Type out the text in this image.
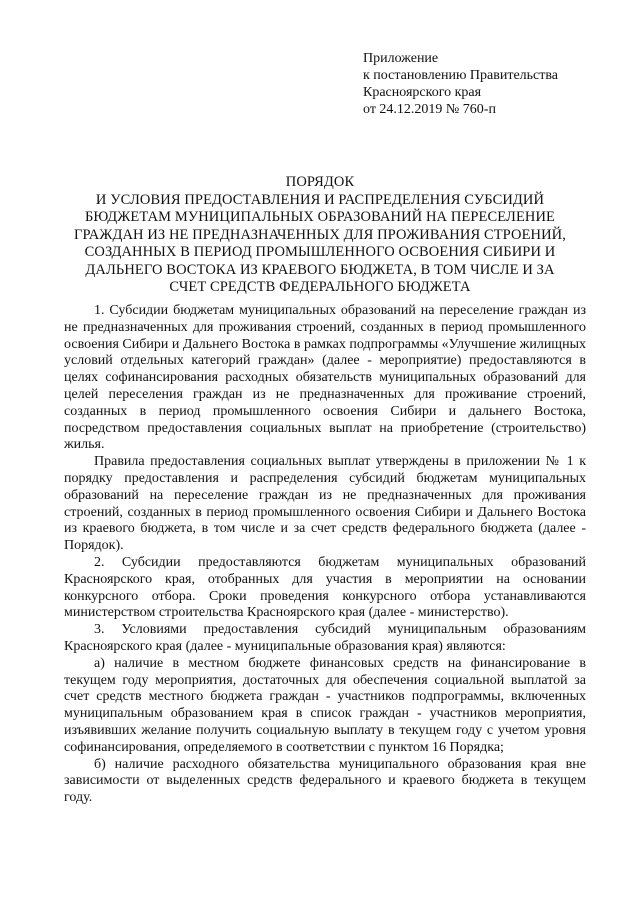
Приложение
к постановлению Правительства
Красноярского края
от 24.12.2019 № 760-п
ПОРЯДОК
И УСЛОВИЯ ПРЕДОСТАВЛЕНИЯ И РАСПРЕДЕЛЕНИЯ СУБСИДИЙ
БЮДЖЕТАМ МУНИЦИПАЛЬНЫХ ОБРАЗОВАНИЙ НА ПЕРЕСЕЛЕНИЕ
ГРАЖДАН ИЗ НЕ ПРЕДНАЗНАЧЕННЫХ ДЛЯ ПРОЖИВАНИЯ СТРОЕНИЙ,
СОЗДАННЫХ В ПЕРИОД ПРОМЫШЛЕННОГО ОСВОЕНИЯ СИБИРИ И
ДАЛЬНЕГО ВОСТОКА ИЗ КРАЕВОГО БЮДЖЕТА, В ТОМ ЧИСЛЕ И ЗА
СЧЕТ СРЕДСТВ ФЕДЕРАЛЬНОГО БЮДЖЕТА

1. Субсидии бюджетам муниципальных образований на переселение граждан из не предназначенных для проживания строений, созданных в период промышленного освоения Сибири и Дальнего Востока в рамках подпрограммы «Улучшение жилищных условий отдельных категорий граждан» (далее - мероприятие) предоставляются в целях софинансирования расходных обязательств муниципальных образований для целей переселения граждан из не предназначенных для проживание строений, созданных в период промышленного освоения Сибири и дальнего Востока, посредством предоставления социальных выплат на приобретение (строительство) жилья.

Правила предоставления социальных выплат утверждены в приложении № 1 к порядку предоставления и распределения субсидий бюджетам муниципальных образований на переселение граждан из не предназначенных для проживания строений, созданных в период промышленного освоения Сибири и Дальнего Востока из краевого бюджета, в том числе и за счет средств федерального бюджета (далее - Порядок).

2. Субсидии предоставляются бюджетам муниципальных образований Красноярского края, отобранных для участия в мероприятии на основании конкурсного отбора. Сроки проведения конкурсного отбора устанавливаются министерством строительства Красноярского края (далее - министерство).

3. Условиями предоставления субсидий муниципальным образованиям Красноярского края (далее - муниципальные образования края) являются:

а) наличие в местном бюджете финансовых средств на финансирование в текущем году мероприятия, достаточных для обеспечения социальной выплатой за счет средств местного бюджета граждан - участников подпрограммы, включенных муниципальным образованием края в список граждан - участников мероприятия, изъявивших желание получить социальную выплату в текущем году с учетом уровня софинансирования, определяемого в соответствии с пунктом 16 Порядка;

б) наличие расходного обязательства муниципального образования края вне зависимости от выделенных средств федерального и краевого бюджета в текущем году.
